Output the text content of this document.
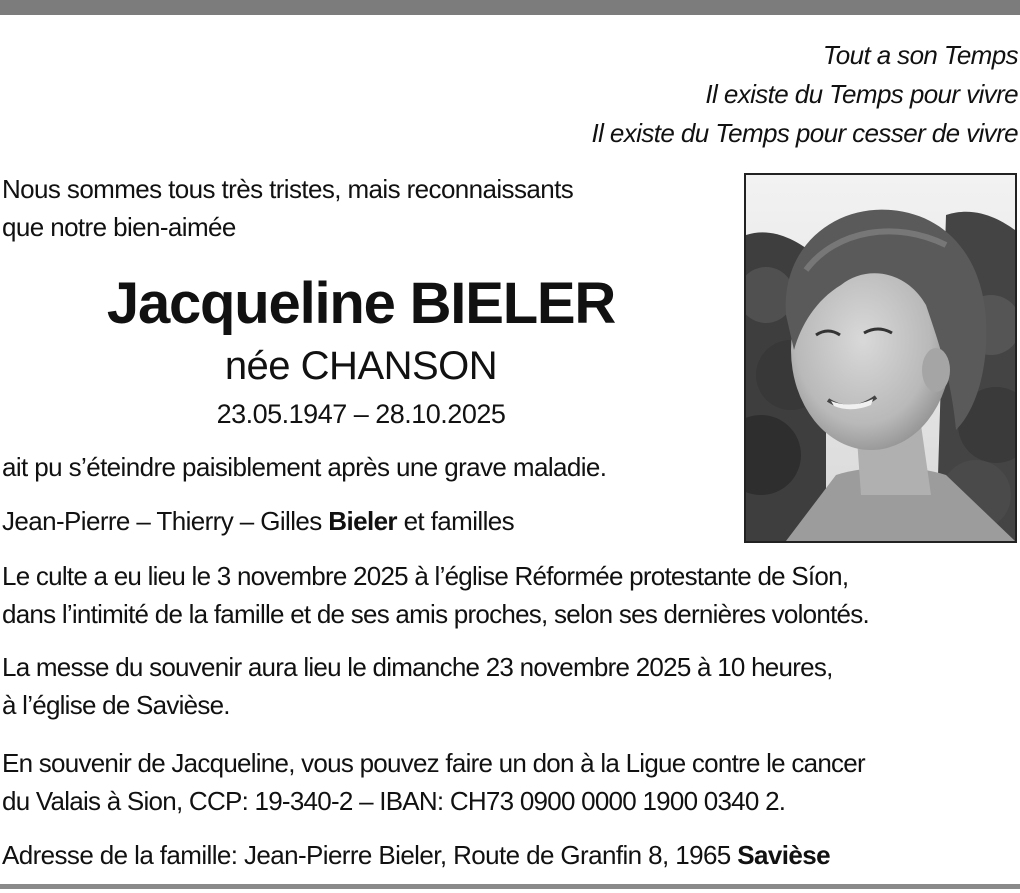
Tout a son Temps
Il existe du Temps pour vivre
Il existe du Temps pour cesser de vivre
Nous sommes tous très tristes, mais reconnaissants
que notre bien-aimée
Jacqueline BIELER
née CHANSON
23.05.1947 – 28.10.2025
ait pu s’éteindre paisiblement après une grave maladie.
Jean-Pierre – Thierry – Gilles Bieler et familles
Le culte a eu lieu le 3 novembre 2025 à l’église Réformée protestante de Síon,
dans l’intimité de la famille et de ses amis proches, selon ses dernières volontés.
La messe du souvenir aura lieu le dimanche 23 novembre 2025 à 10 heures,
à l’église de Savièse.
En souvenir de Jacqueline, vous pouvez faire un don à la Ligue contre le cancer
du Valais à Sion, CCP: 19-340-2 – IBAN: CH73 0900 0000 1900 0340 2.
Adresse de la famille: Jean-Pierre Bieler, Route de Granfin 8, 1965 Savièse
